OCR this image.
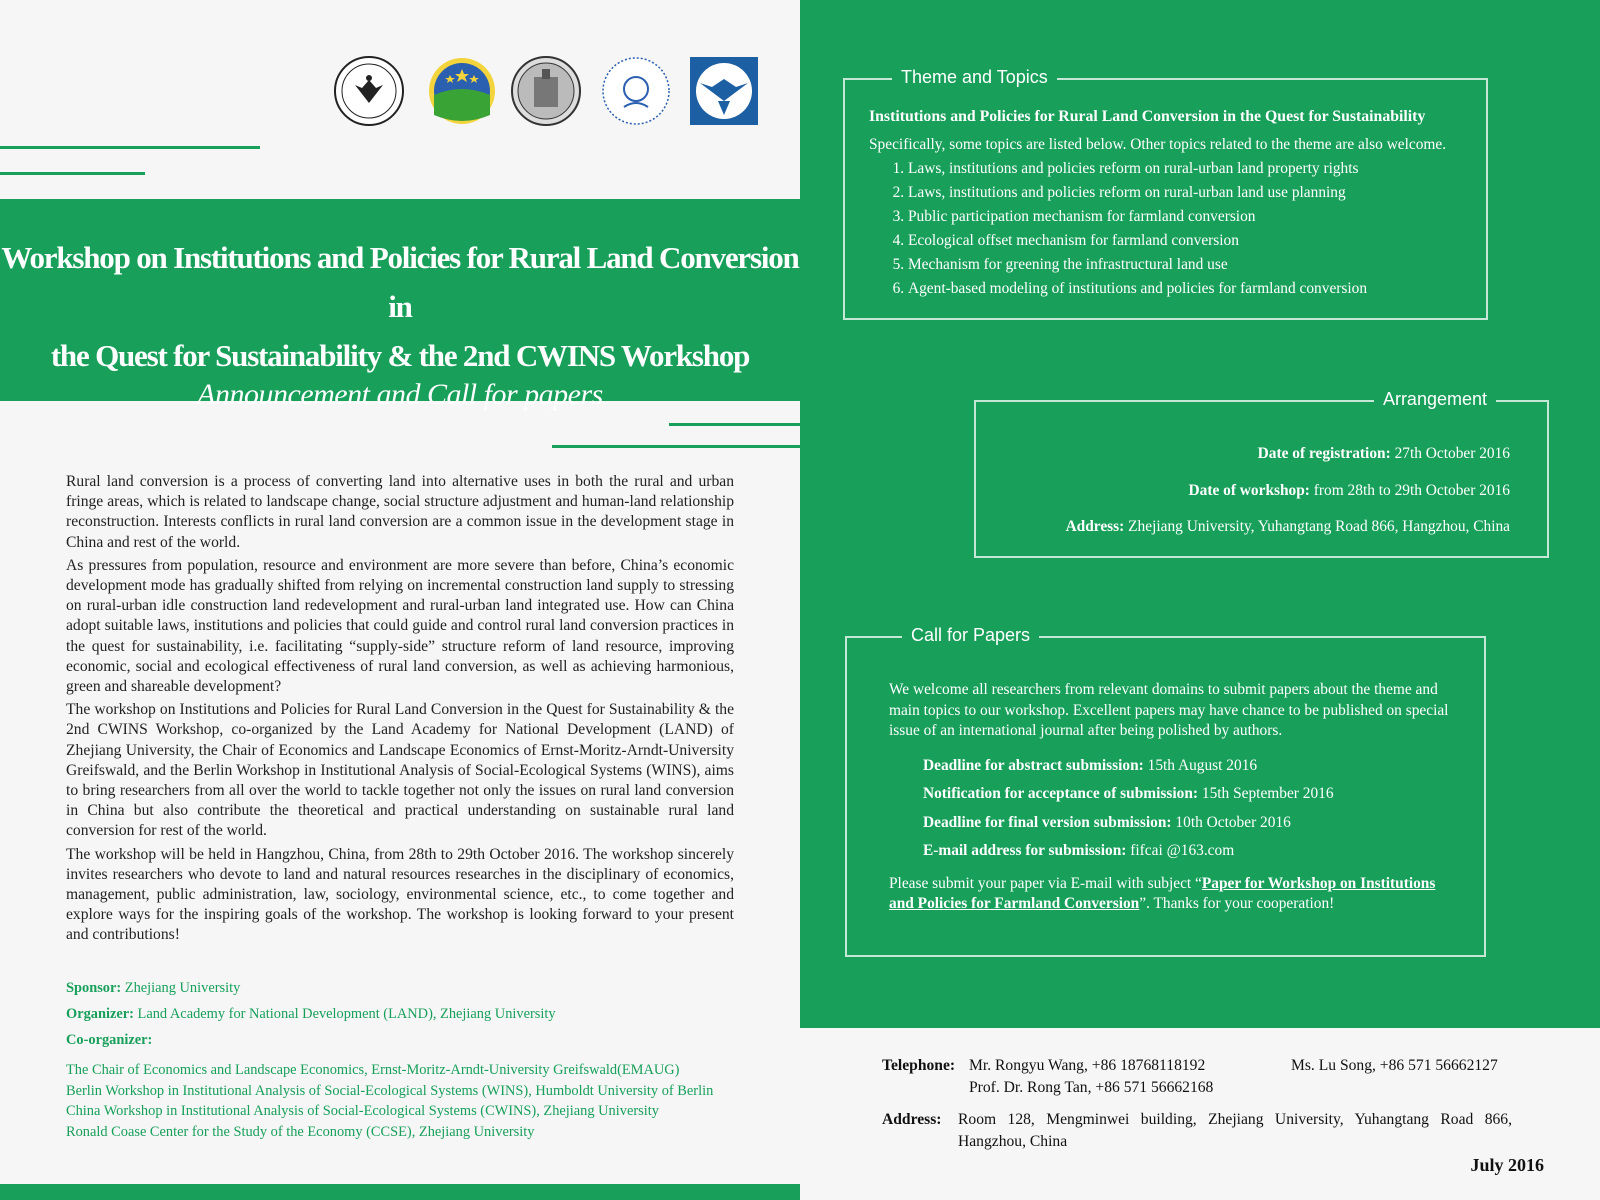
Workshop on Institutions and Policies for Rural Land Conversion in
the Quest for Sustainability & the 2nd CWINS Workshop
Announcement and Call for papers

Rural land conversion is a process of converting land into alternative uses in both the rural and urban fringe areas, which is related to landscape change, social structure adjustment and human-land relationship reconstruction. Interests conflicts in rural land conversion are a common issue in the development stage in China and rest of the world.

As pressures from population, resource and environment are more severe than before, China’s economic development mode has gradually shifted from relying on incremental construction land supply to stressing on rural-urban idle construction land redevelopment and rural-urban land integrated use. How can China adopt suitable laws, institutions and policies that could guide and control rural land conversion practices in the quest for sustainability, i.e. facilitating “supply-side” structure reform of land resource, improving economic, social and ecological effectiveness of rural land conversion, as well as achieving harmonious, green and shareable development?

The workshop on Institutions and Policies for Rural Land Conversion in the Quest for Sustainability & the 2nd CWINS Workshop, co-organized by the Land Academy for National Development (LAND) of Zhejiang University, the Chair of Economics and Landscape Economics of Ernst-Moritz-Arndt-University Greifswald, and the Berlin Workshop in Institutional Analysis of Social-Ecological Systems (WINS), aims to bring researchers from all over the world to tackle together not only the issues on rural land conversion in China but also contribute the theoretical and practical understanding on sustainable rural land conversion for rest of the world.

The workshop will be held in Hangzhou, China, from 28th to 29th October 2016. The workshop sincerely invites researchers who devote to land and natural resources researches in the disciplinary of economics, management, public administration, law, sociology, environmental science, etc., to come together and explore ways for the inspiring goals of the workshop. The workshop is looking forward to your present and contributions!

Sponsor: Zhejiang University
Organizer: Land Academy for National Development (LAND), Zhejiang University
Co-organizer:
The Chair of Economics and Landscape Economics, Ernst-Moritz-Arndt-University Greifswald(EMAUG)
Berlin Workshop in Institutional Analysis of Social-Ecological Systems (WINS), Humboldt University of Berlin
China Workshop in Institutional Analysis of Social-Ecological Systems (CWINS), Zhejiang University
Ronald Coase Center for the Study of the Economy (CCSE), Zhejiang University
Theme and Topics
Institutions and Policies for Rural Land Conversion in the Quest for Sustainability
Specifically, some topics are listed below. Other topics related to the theme are also welcome.
1. Laws, institutions and policies reform on rural-urban land property rights
2. Laws, institutions and policies reform on rural-urban land use planning
3. Public participation mechanism for farmland conversion
4. Ecological offset mechanism for farmland conversion
5. Mechanism for greening the infrastructural land use
6. Agent-based modeling of institutions and policies for farmland conversion
Arrangement
Date of registration: 27th October 2016
Date of workshop: from 28th to 29th October 2016
Address: Zhejiang University, Yuhangtang Road 866, Hangzhou, China
Call for Papers
We welcome all researchers from relevant domains to submit papers about the theme and main topics to our workshop. Excellent papers may have chance to be published on special issue of an international journal after being polished by authors.
Deadline for abstract submission: 15th August 2016
Notification for acceptance of submission: 15th September 2016
Deadline for final version submission: 10th October 2016
E-mail address for submission: fifcai @163.com
Please submit your paper via E-mail with subject “Paper for Workshop on Institutions and Policies for Farmland Conversion”. Thanks for your cooperation!
Telephone: Mr. Rongyu Wang, +86 18768118192
Prof. Dr. Rong Tan, +86 571 56662168
Ms. Lu Song, +86 571 56662127
Address:	Room 128, Mengminwei building, Zhejiang University, Yuhangtang Road 866, Hangzhou, China
July 2016
